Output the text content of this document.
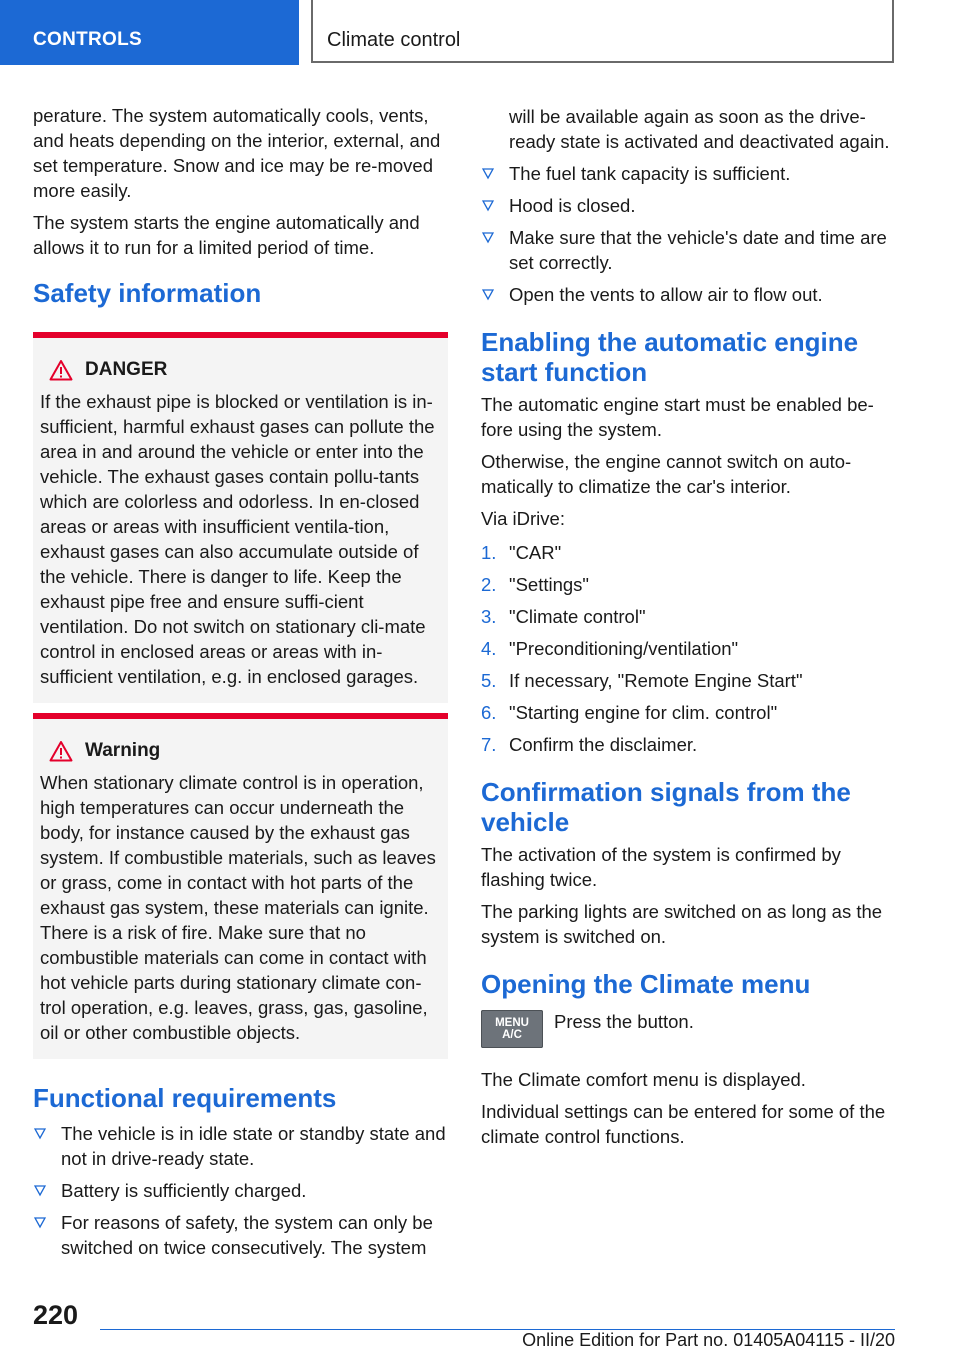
CONTROLS	Climate control

perature. The system automatically cools, vents, and heats depending on the interior, external, and set temperature. Snow and ice may be re‐moved more easily.

The system starts the engine automatically and allows it to run for a limited period of time.

Safety information
DANGER

If the exhaust pipe is blocked or ventilation is in‐sufficient, harmful exhaust gases can pollute the area in and around the vehicle or enter into the vehicle. The exhaust gases contain pollu‐tants which are colorless and odorless. In en‐closed areas or areas with insufficient ventila‐tion, exhaust gases can also accumulate outside of the vehicle. There is danger to life. Keep the exhaust pipe free and ensure suffi‐cient ventilation. Do not switch on stationary cli‐mate control in enclosed areas or areas with in‐sufficient ventilation, e.g. in enclosed garages.

Warning

When stationary climate control is in operation, high temperatures can occur underneath the body, for instance caused by the exhaust gas system. If combustible materials, such as leaves or grass, come in contact with hot parts of the exhaust gas system, these materials can ignite. There is a risk of fire. Make sure that no combustible materials can come in contact with hot vehicle parts during stationary climate con‐trol operation, e.g. leaves, grass, gas, gasoline, oil or other combustible objects.

Functional requirements
The vehicle is in idle state or standby state and not in drive-ready state.
Battery is sufficiently charged.
For reasons of safety, the system can only be switched on twice consecutively. The system

will be available again as soon as the drive-ready state is activated and deactivated again.

The fuel tank capacity is sufficient.
Hood is closed.
Make sure that the vehicle's date and time are set correctly.
Open the vents to allow air to flow out.
Enabling the automatic engine start function

The automatic engine start must be enabled be‐fore using the system.

Otherwise, the engine cannot switch on auto‐matically to climatize the car's interior.

Via iDrive:

1. "CAR"
2. "Settings"
3. "Climate control"
4. "Preconditioning/ventilation"
5. If necessary, "Remote Engine Start"
6. "Starting engine for clim. control"
7. Confirm the disclaimer.
Confirmation signals from the vehicle

The activation of the system is confirmed by flashing twice.

The parking lights are switched on as long as the system is switched on.

Opening the Climate menu
MENU
A/C

Press the button.

The Climate comfort menu is displayed.

Individual settings can be entered for some of the climate control functions.

220
Online Edition for Part no. 01405A04115 - II/20
